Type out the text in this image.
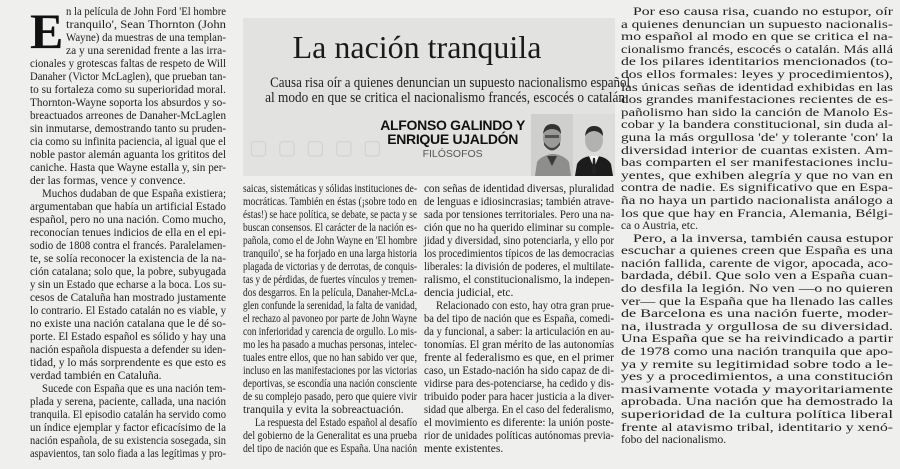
E n la película de John Ford 'El hombre
tranquilo', Sean Thornton (John
Wayne) da muestras de una templan-
za y una serenidad frente a las irra-
cionales y grotescas faltas de respeto de Will
Danaher (Victor McLaglen), que prueban tan-
to su fortaleza como su superioridad moral.
Thornton-Wayne soporta los absurdos y so-
breactuados arreones de Danaher-McLaglen
sin inmutarse, demostrando tanto su pruden-
cia como su infinita paciencia, al igual que el
noble pastor alemán aguanta los grititos del
caniche. Hasta que Wayne estalla y, sin per-
der las formas, vence y convence.
Muchos dudaban de que España existiera;
argumentaban que había un artificial Estado
español, pero no una nación. Como mucho,
reconocían tenues indicios de ella en el epi-
sodio de 1808 contra el francés. Paralelamen-
te, se solía reconocer la existencia de la na-
ción catalana; solo que, la pobre, subyugada
y sin un Estado que echarse a la boca. Los su-
cesos de Cataluña han mostrado justamente
lo contrario. El Estado catalán no es viable, y
no existe una nación catalana que le dé so-
porte. El Estado español es sólido y hay una
nación española dispuesta a defender su iden-
tidad, y lo más sorprendente es que esto es
verdad también en Cataluña.
Sucede con España que es una nación tem-
plada y serena, paciente, callada, una nación
tranquila. El episodio catalán ha servido como
un índice ejemplar y factor eficacísimo de la
nación española, de su existencia sosegada, sin
aspavientos, tan solo fiada a las legítimas y pro-
▢ ▢ ▢ ▢ ▢
La nación tranquila
Causa risa oír a quienes denuncian un supuesto nacionalismo español
al modo en que se critica el nacionalismo francés, escocés o catalán
ALFONSO GALINDO Y
ENRIQUE UJALDÓN
FILÓSOFOS
saicas, sistemáticas y sólidas instituciones de-
mocráticas. También en éstas (¡sobre todo en
éstas!) se hace política, se debate, se pacta y se
buscan consensos. El carácter de la nación es-
pañola, como el de John Wayne en 'El hombre
tranquilo', se ha forjado en una larga historia
plagada de victorias y de derrotas, de conquis-
tas y de pérdidas, de fuertes vínculos y tremen-
dos desgarros. En la película, Danaher-McLa-
glen confunde la serenidad, la falta de vanidad,
el rechazo al pavoneo por parte de John Wayne
con inferioridad y carencia de orgullo. Lo mis-
mo les ha pasado a muchas personas, intelec-
tuales entre ellos, que no han sabido ver que,
incluso en las manifestaciones por las victorias
deportivas, se escondía una nación consciente
de su complejo pasado, pero que quiere vivir
tranquila y evita la sobreactuación.
La respuesta del Estado español al desafío
del gobierno de la Generalitat es una prueba
del tipo de nación que es España. Una nación
con señas de identidad diversas, pluralidad
de lenguas e idiosincrasias; también atrave-
sada por tensiones territoriales. Pero una na-
ción que no ha querido eliminar su comple-
jidad y diversidad, sino potenciarla, y ello por
los procedimientos típicos de las democracias
liberales: la división de poderes, el multilate-
ralismo, el constitucionalismo, la indepen-
dencia judicial, etc.
Relacionado con esto, hay otra gran prue-
ba del tipo de nación que es España, comedi-
da y funcional, a saber: la articulación en au-
tonomías. El gran mérito de las autonomías
frente al federalismo es que, en el primer
caso, un Estado-nación ha sido capaz de di-
vidirse para des-potenciarse, ha cedido y dis-
tribuido poder para hacer justicia a la diver-
sidad que alberga. En el caso del federalismo,
el movimiento es diferente: la unión poste-
rior de unidades políticas autónomas previa-
mente existentes.
Por eso causa risa, cuando no estupor, oír
a quienes denuncian un supuesto nacionalis-
mo español al modo en que se critica el na-
cionalismo francés, escocés o catalán. Más allá
de los pilares identitarios mencionados (to-
dos ellos formales: leyes y procedimientos),
las únicas señas de identidad exhibidas en las
dos grandes manifestaciones recientes de es-
pañolismo han sido la canción de Manolo Es-
cobar y la bandera constitucional, sin duda al-
guna la más orgullosa 'de' y tolerante 'con' la
diversidad interior de cuantas existen. Am-
bas comparten el ser manifestaciones inclu-
yentes, que exhiben alegría y que no van en
contra de nadie. Es significativo que en Espa-
ña no haya un partido nacionalista análogo a
los que que hay en Francia, Alemania, Bélgi-
ca o Austria, etc.
Pero, a la inversa, también causa estupor
escuchar a quienes creen que España es una
nación fallida, carente de vigor, apocada, aco-
bardada, débil. Que solo ven a España cuan-
do desfila la legión. No ven —o no quieren
ver— que la España que ha llenado las calles
de Barcelona es una nación fuerte, moder-
na, ilustrada y orgullosa de su diversidad.
Una España que se ha reivindicado a partir
de 1978 como una nación tranquila que apo-
ya y remite su legitimidad sobre todo a le-
yes y a procedimientos, a una constitución
masivamente votada y mayoritariamente
aprobada. Una nación que ha demostrado la
superioridad de la cultura política liberal
frente al atavismo tribal, identitario y xenó-
fobo del nacionalismo.
